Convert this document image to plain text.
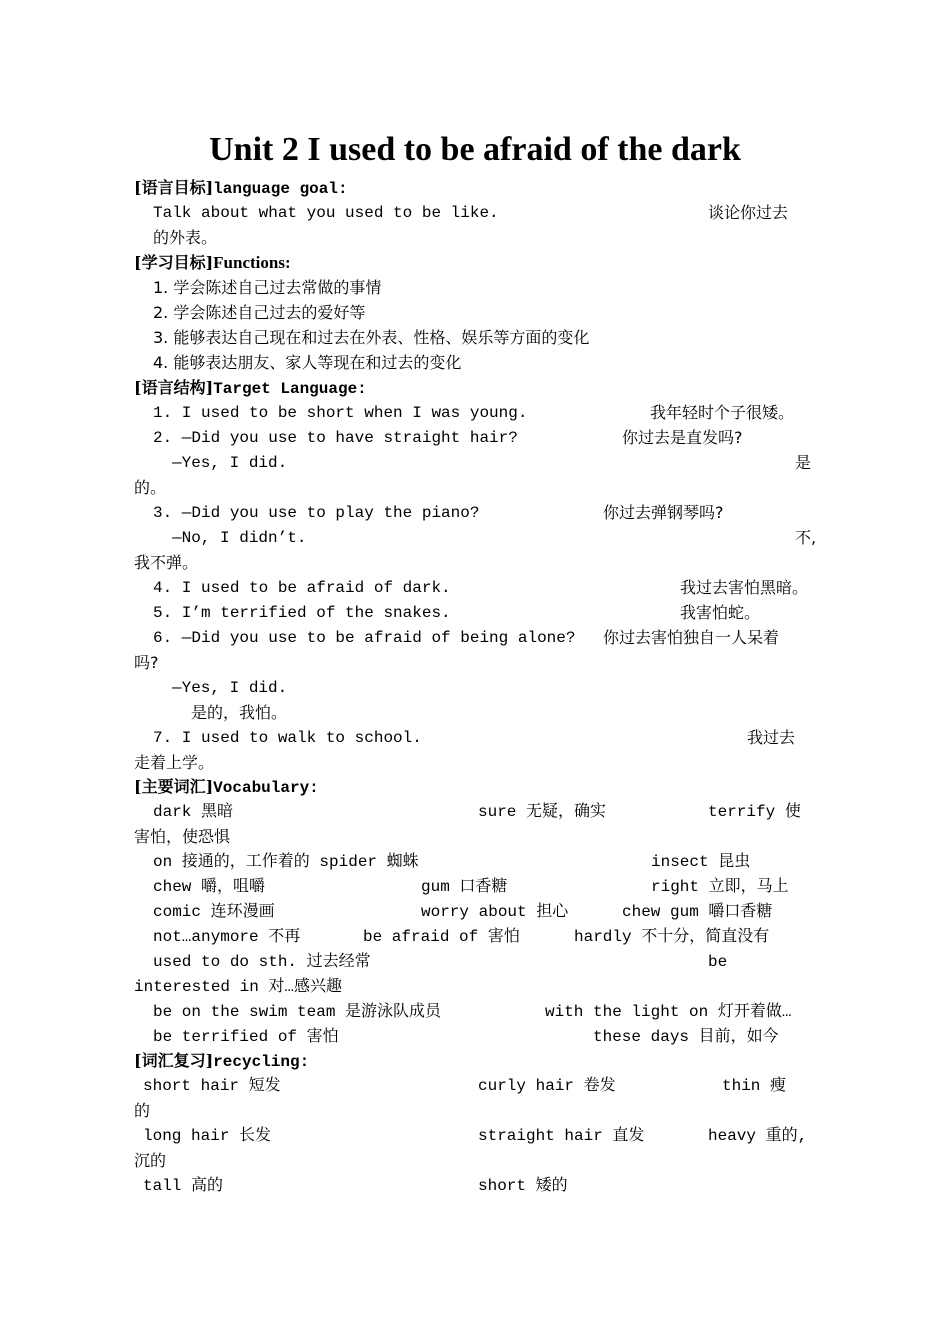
Unit 2 I used to be afraid of the dark
[语言目标]language goal:
Talk about what you used to be like.	谈论你过去
的外表。
[学习目标]Functions:
1. 学会陈述自己过去常做的事情
2. 学会陈述自己过去的爱好等
3. 能够表达自己现在和过去在外表、性格、娱乐等方面的变化
4. 能够表达朋友、家人等现在和过去的变化
[语言结构]Target Language:
1. I used to be short when I was young.	我年轻时个子很矮。
2. —Did you use to have straight hair?	你过去是直发吗?
—Yes, I did.	是
的。
3. —Did you use to play the piano?	你过去弹钢琴吗?
—No, I didn’t.	不,
我不弹。
4. I used to be afraid of dark.	我过去害怕黑暗。
5. I’m terrified of the snakes.	我害怕蛇。
6. —Did you use to be afraid of being alone? 你过去害怕独自一人呆着
吗?
—Yes, I did.
是的，我怕。
7. I used to walk to school.	我过去
走着上学。
[主要词汇]Vocabulary:
dark 黑暗	sure 无疑，确实	terrify 使
害怕，使恐惧
on 接通的，工作着的 spider 蜘蛛	insect 昆虫
chew 嚼，咀嚼	gum 口香糖	right 立即，马上
comic 连环漫画	worry about 担心	chew gum 嚼口香糖
not…anymore 不再	be afraid of 害怕	hardly 不十分，简直没有
used to do sth. 过去经常	be
interested in 对…感兴趣
be on the swim team 是游泳队成员	with the light on 灯开着做…
be terrified of 害怕	these days 目前，如今
[词汇复习]recycling:
short hair 短发	curly hair 卷发	thin 瘦
的
long hair 长发	straight hair 直发	heavy 重的,
沉的
tall 高的	short 矮的
